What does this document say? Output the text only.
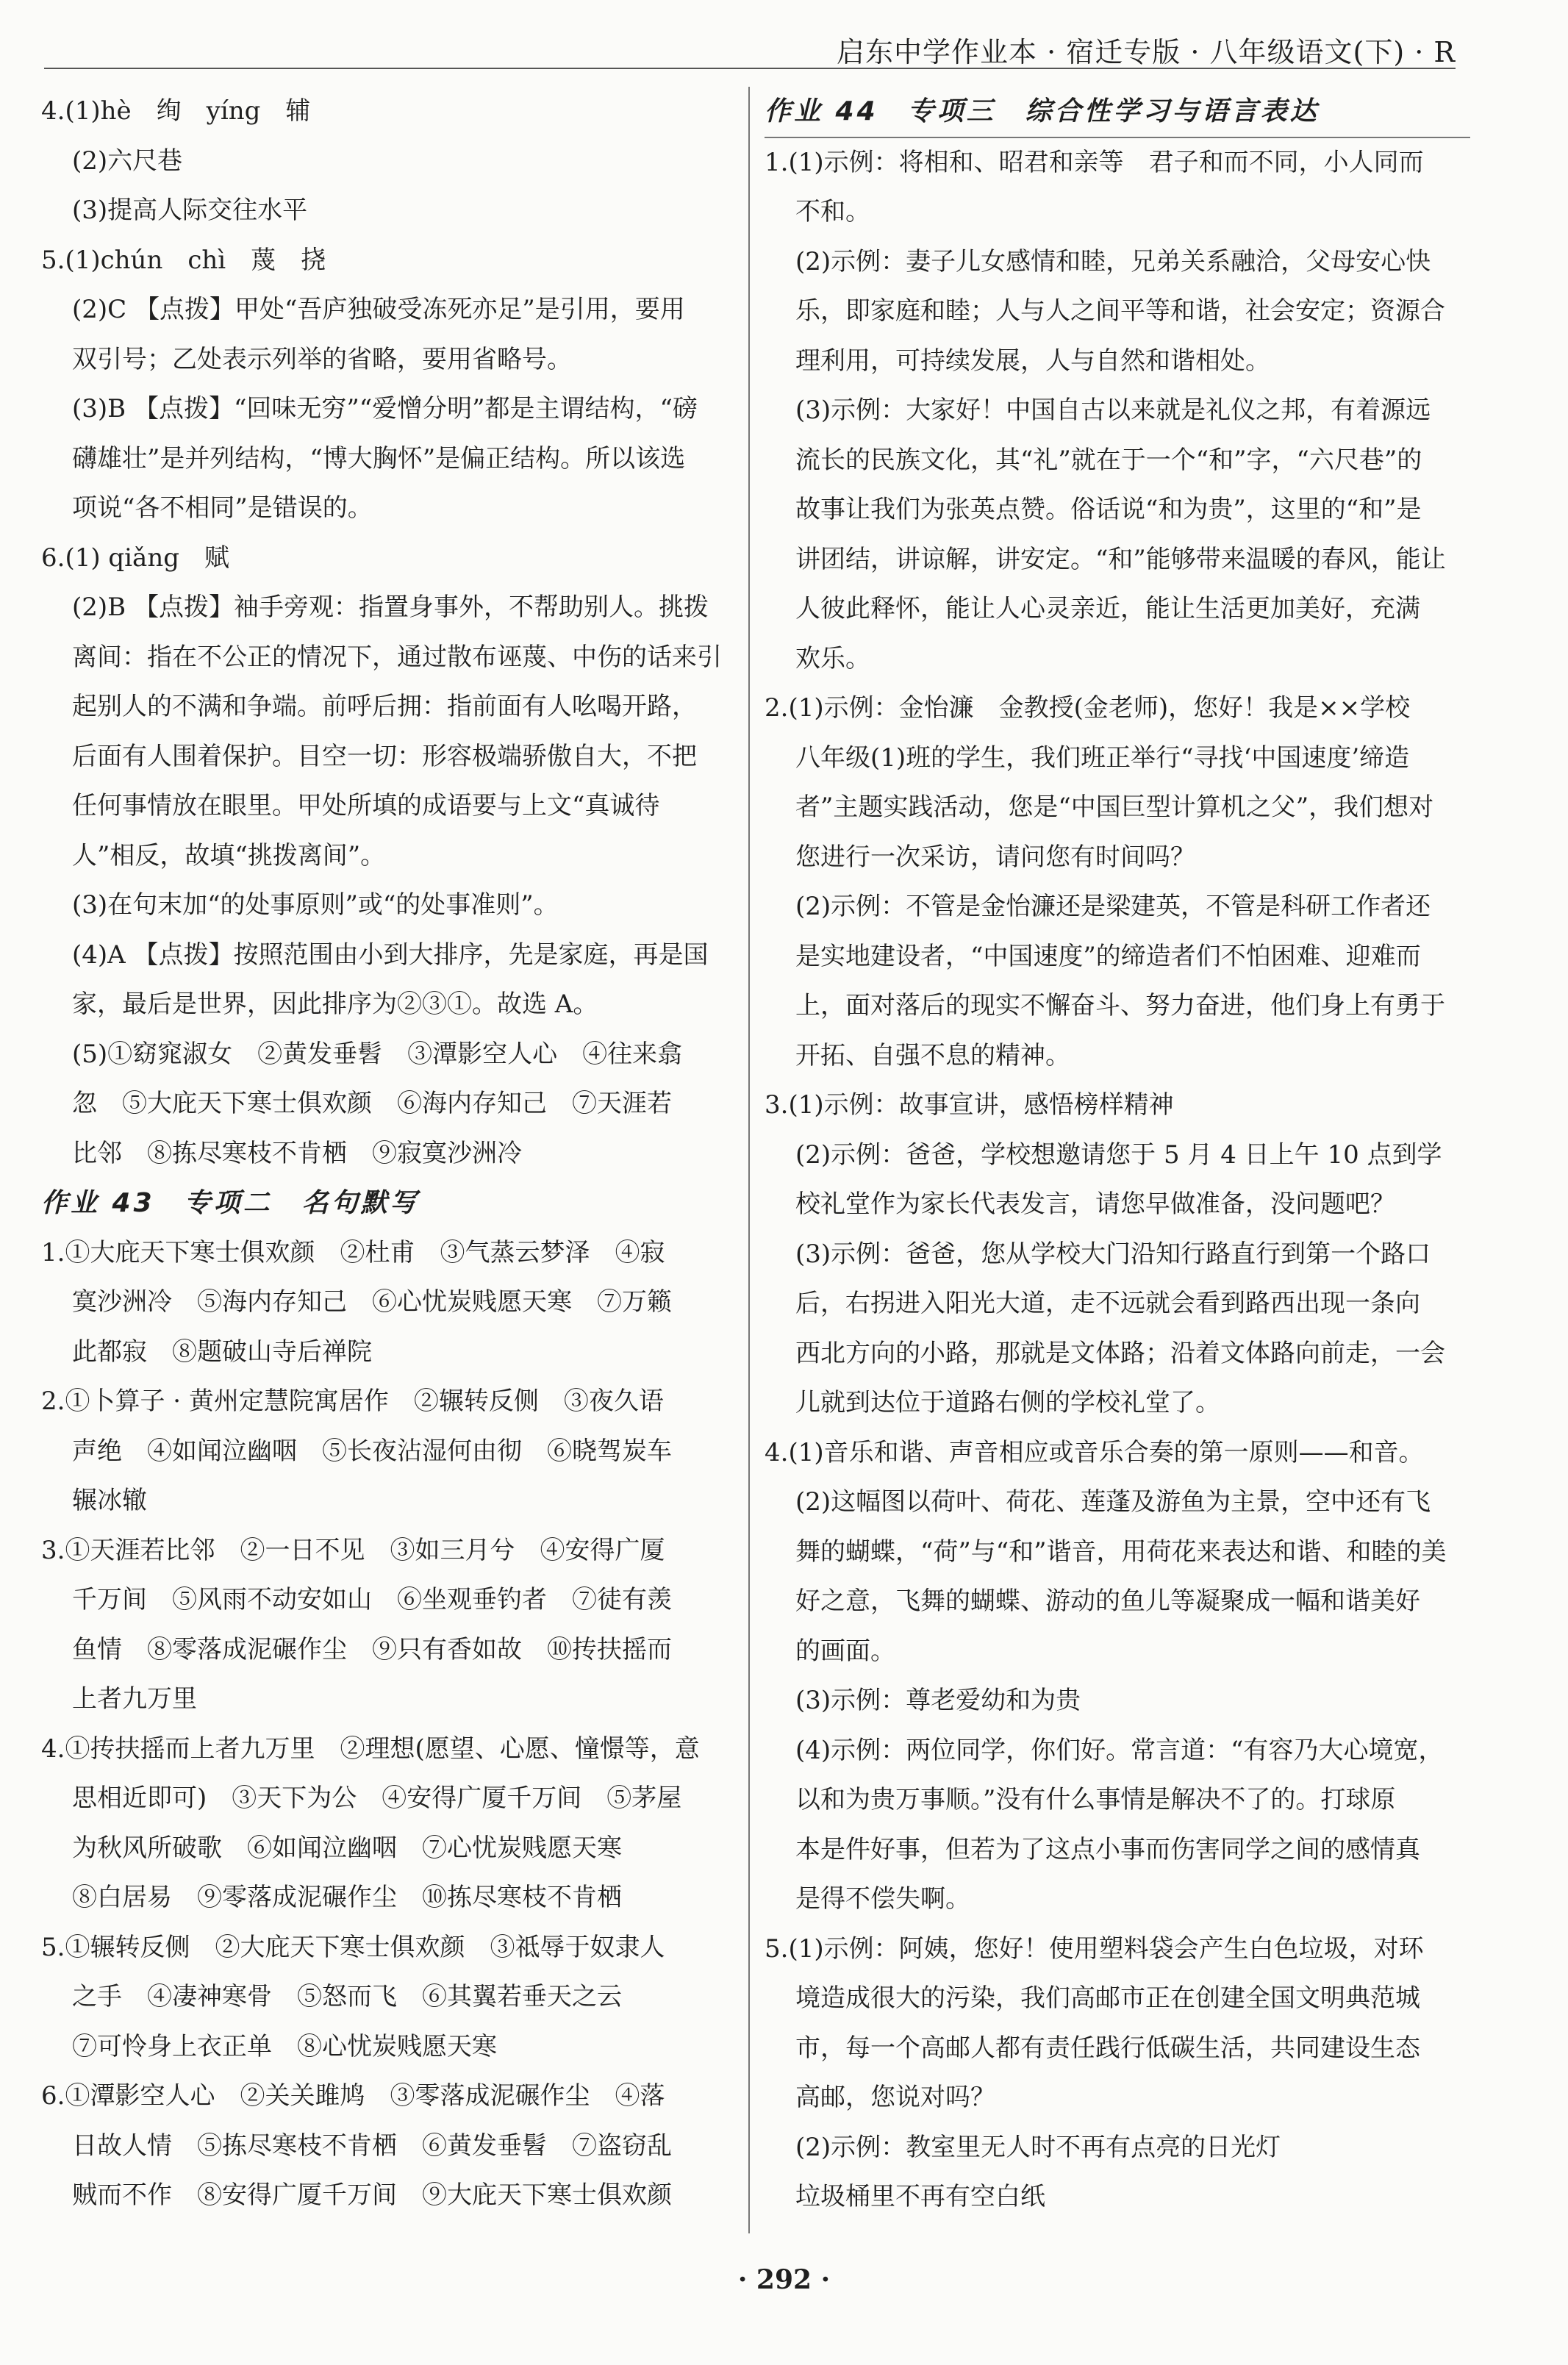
启东中学作业本 · 宿迁专版 · 八年级语文(下) · R
4.(1)hè　绚　yíng　辅
(2)六尺巷
(3)提高人际交往水平
5.(1)chún　chì　蔑　挠
(2)C 【点拨】甲处“吾庐独破受冻死亦足”是引用，要用
双引号；乙处表示列举的省略，要用省略号。
(3)B 【点拨】“回味无穷”“爱憎分明”都是主谓结构，“磅
礴雄壮”是并列结构，“博大胸怀”是偏正结构。所以该选
项说“各不相同”是错误的。
6.(1) qiǎng　赋
(2)B 【点拨】袖手旁观：指置身事外，不帮助别人。挑拨
离间：指在不公正的情况下，通过散布诬蔑、中伤的话来引
起别人的不满和争端。前呼后拥：指前面有人吆喝开路，
后面有人围着保护。目空一切：形容极端骄傲自大，不把
任何事情放在眼里。甲处所填的成语要与上文“真诚待
人”相反，故填“挑拨离间”。
(3)在句末加“的处事原则”或“的处事准则”。
(4)A 【点拨】按照范围由小到大排序，先是家庭，再是国
家，最后是世界，因此排序为②③①。故选 A。
(5)①窈窕淑女　②黄发垂髫　③潭影空人心　④往来翕
忽　⑤大庇天下寒士俱欢颜　⑥海内存知己　⑦天涯若
比邻　⑧拣尽寒枝不肯栖　⑨寂寞沙洲冷
作业 43　专项二　名句默写
1.①大庇天下寒士俱欢颜　②杜甫　③气蒸云梦泽　④寂
寞沙洲冷　⑤海内存知己　⑥心忧炭贱愿天寒　⑦万籁
此都寂　⑧题破山寺后禅院
2.①卜算子 · 黄州定慧院寓居作　②辗转反侧　③夜久语
声绝　④如闻泣幽咽　⑤长夜沾湿何由彻　⑥晓驾炭车
辗冰辙
3.①天涯若比邻　②一日不见　③如三月兮　④安得广厦
千万间　⑤风雨不动安如山　⑥坐观垂钓者　⑦徒有羡
鱼情　⑧零落成泥碾作尘　⑨只有香如故　⑩抟扶摇而
上者九万里
4.①抟扶摇而上者九万里　②理想(愿望、心愿、憧憬等，意
思相近即可)　③天下为公　④安得广厦千万间　⑤茅屋
为秋风所破歌　⑥如闻泣幽咽　⑦心忧炭贱愿天寒
⑧白居易　⑨零落成泥碾作尘　⑩拣尽寒枝不肯栖
5.①辗转反侧　②大庇天下寒士俱欢颜　③祗辱于奴隶人
之手　④凄神寒骨　⑤怒而飞　⑥其翼若垂天之云
⑦可怜身上衣正单　⑧心忧炭贱愿天寒
6.①潭影空人心　②关关雎鸠　③零落成泥碾作尘　④落
日故人情　⑤拣尽寒枝不肯栖　⑥黄发垂髫　⑦盗窃乱
贼而不作　⑧安得广厦千万间　⑨大庇天下寒士俱欢颜
作业 44　专项三　综合性学习与语言表达
1.(1)示例：将相和、昭君和亲等　君子和而不同，小人同而
不和。
(2)示例：妻子儿女感情和睦，兄弟关系融洽，父母安心快
乐，即家庭和睦；人与人之间平等和谐，社会安定；资源合
理利用，可持续发展，人与自然和谐相处。
(3)示例：大家好！中国自古以来就是礼仪之邦，有着源远
流长的民族文化，其“礼”就在于一个“和”字，“六尺巷”的
故事让我们为张英点赞。俗话说“和为贵”，这里的“和”是
讲团结，讲谅解，讲安定。“和”能够带来温暖的春风，能让
人彼此释怀，能让人心灵亲近，能让生活更加美好，充满
欢乐。
2.(1)示例：金怡濂　金教授(金老师)，您好！我是××学校
八年级(1)班的学生，我们班正举行“寻找‘中国速度’缔造
者”主题实践活动，您是“中国巨型计算机之父”，我们想对
您进行一次采访，请问您有时间吗？
(2)示例：不管是金怡濂还是梁建英，不管是科研工作者还
是实地建设者，“中国速度”的缔造者们不怕困难、迎难而
上，面对落后的现实不懈奋斗、努力奋进，他们身上有勇于
开拓、自强不息的精神。
3.(1)示例：故事宣讲，感悟榜样精神
(2)示例：爸爸，学校想邀请您于 5 月 4 日上午 10 点到学
校礼堂作为家长代表发言，请您早做准备，没问题吧？
(3)示例：爸爸，您从学校大门沿知行路直行到第一个路口
后，右拐进入阳光大道，走不远就会看到路西出现一条向
西北方向的小路，那就是文体路；沿着文体路向前走，一会
儿就到达位于道路右侧的学校礼堂了。
4.(1)音乐和谐、声音相应或音乐合奏的第一原则——和音。
(2)这幅图以荷叶、荷花、莲蓬及游鱼为主景，空中还有飞
舞的蝴蝶，“荷”与“和”谐音，用荷花来表达和谐、和睦的美
好之意，飞舞的蝴蝶、游动的鱼儿等凝聚成一幅和谐美好
的画面。
(3)示例：尊老爱幼和为贵
(4)示例：两位同学，你们好。常言道：“有容乃大心境宽，
以和为贵万事顺。”没有什么事情是解决不了的。打球原
本是件好事，但若为了这点小事而伤害同学之间的感情真
是得不偿失啊。
5.(1)示例：阿姨，您好！使用塑料袋会产生白色垃圾，对环
境造成很大的污染，我们高邮市正在创建全国文明典范城
市，每一个高邮人都有责任践行低碳生活，共同建设生态
高邮，您说对吗？
(2)示例：教室里无人时不再有点亮的日光灯
垃圾桶里不再有空白纸
· 292 ·
